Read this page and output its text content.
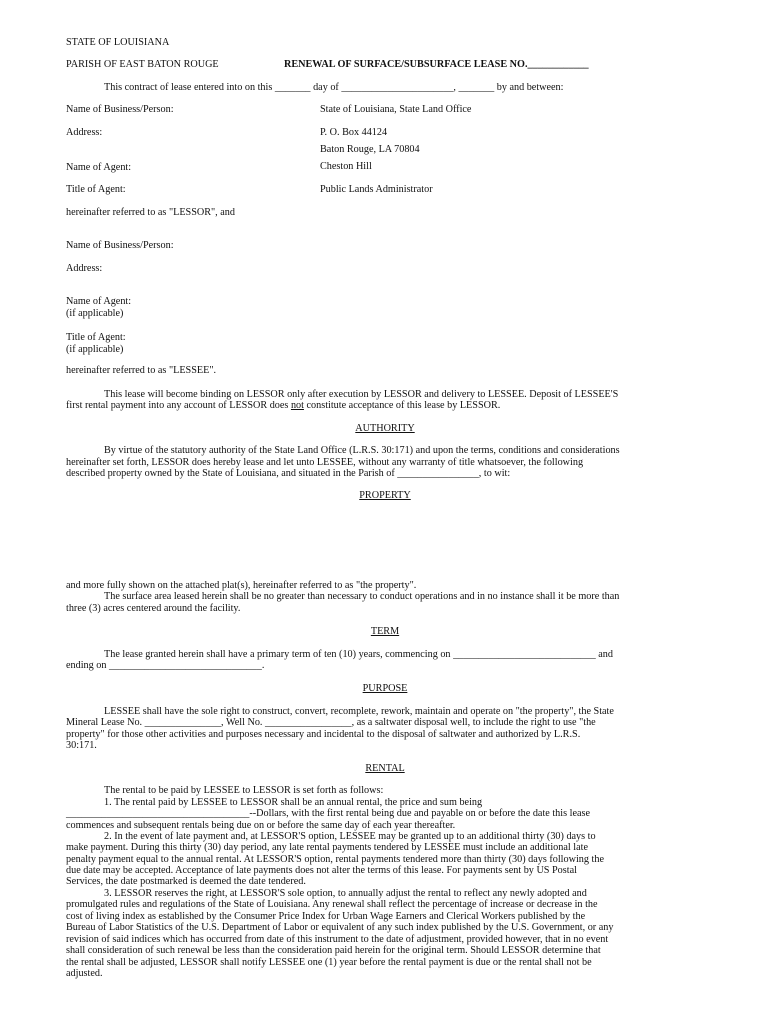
STATE OF LOUISIANA
PARISH OF EAST BATON ROUGE	RENEWAL OF SURFACE/SUBSURFACE LEASE NO.____________
This contract of lease entered into on this _______ day of ______________________, _______ by and between:
Name of Business/Person:	State of Louisiana, State Land Office
Address:	P. O. Box 44124
Baton Rouge, LA 70804
Name of Agent:	Cheston Hill
Title of Agent:	Public Lands Administrator
hereinafter referred to as "LESSOR", and
Name of Business/Person:
Address:
Name of Agent:
(if applicable)
Title of Agent:
(if applicable)
hereinafter referred to as "LESSEE".
This lease will become binding on LESSOR only after execution by LESSOR and delivery to LESSEE. Deposit of LESSEE'S
first rental payment into any account of LESSOR does not constitute acceptance of this lease by LESSOR.
AUTHORITY
By virtue of the statutory authority of the State Land Office (L.R.S. 30:171) and upon the terms, conditions and considerations
hereinafter set forth, LESSOR does hereby lease and let unto LESSEE, without any warranty of title whatsoever, the following
described property owned by the State of Louisiana, and situated in the Parish of ________________, to wit:
PROPERTY
and more fully shown on the attached plat(s), hereinafter referred to as "the property".
The surface area leased herein shall be no greater than necessary to conduct operations and in no instance shall it be more than
three (3) acres centered around the facility.
TERM
The lease granted herein shall have a primary term of ten (10) years, commencing on ____________________________ and
ending on ______________________________.
PURPOSE
LESSEE shall have the sole right to construct, convert, recomplete, rework, maintain and operate on "the property", the State
Mineral Lease No. _______________, Well No. _________________, as a saltwater disposal well, to include the right to use "the
property" for those other activities and purposes necessary and incidental to the disposal of saltwater and authorized by L.R.S.
30:171.
RENTAL
The rental to be paid by LESSEE to LESSOR is set forth as follows:
1. The rental paid by LESSEE to LESSOR shall be an annual rental, the price and sum being
____________________________________--Dollars, with the first rental being due and payable on or before the date this lease
commences and subsequent rentals being due on or before the same day of each year thereafter.
2. In the event of late payment and, at LESSOR'S option, LESSEE may be granted up to an additional thirty (30) days to
make payment. During this thirty (30) day period, any late rental payments tendered by LESSEE must include an additional late
penalty payment equal to the annual rental. At LESSOR'S option, rental payments tendered more than thirty (30) days following the
due date may be accepted. Acceptance of late payments does not alter the terms of this lease. For payments sent by US Postal
Services, the date postmarked is deemed the date tendered.
3. LESSOR reserves the right, at LESSOR'S sole option, to annually adjust the rental to reflect any newly adopted and
promulgated rules and regulations of the State of Louisiana. Any renewal shall reflect the percentage of increase or decrease in the
cost of living index as established by the Consumer Price Index for Urban Wage Earners and Clerical Workers published by the
Bureau of Labor Statistics of the U.S. Department of Labor or equivalent of any such index published by the U.S. Government, or any
revision of said indices which has occurred from date of this instrument to the date of adjustment, provided however, that in no event
shall consideration of such renewal be less than the consideration paid herein for the original term. Should LESSOR determine that
the rental shall be adjusted, LESSOR shall notify LESSEE one (1) year before the rental payment is due or the rental shall not be
adjusted.
